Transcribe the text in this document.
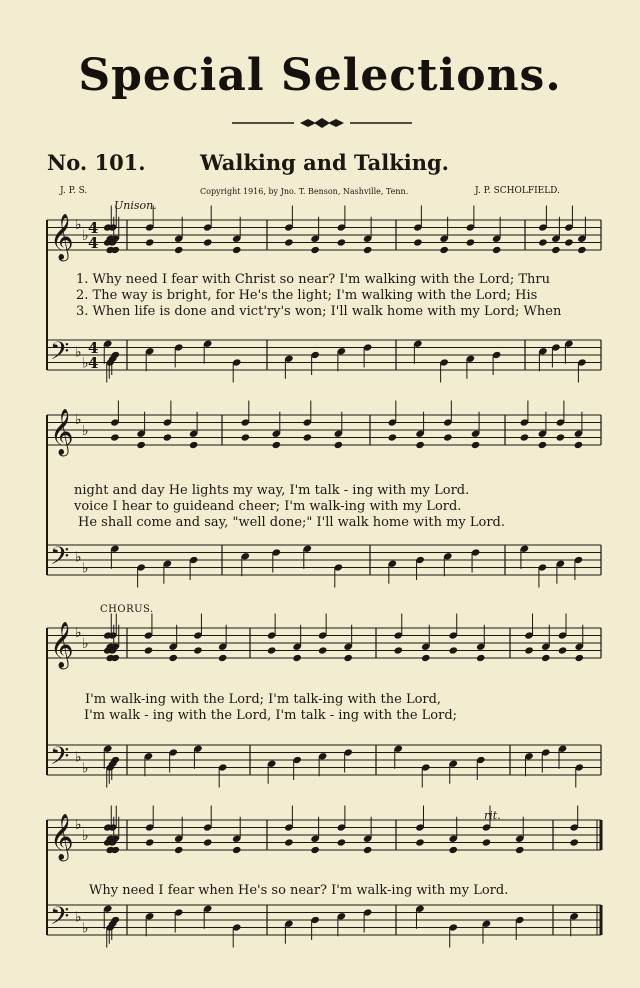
Special Selections.
No. 101.	Walking and Talking.
J. P. S.	Copyright 1916, by Jno. T. Benson, Nashville, Tenn.	J. P. SCHOLFIELD.
Unison.
CHORUS.
rit.
𝄞 ♭
♭
𝄢 ♭
♭
𝄞 ♭
♭
𝄢 ♭
♭
𝄞 ♭
♭
𝄢 ♭
♭
𝄞 ♭
♭
𝄢 ♭
♭
4
4
4
4
1. Why need I fear with Christ so near? I'm walking with the Lord; Thru
2. The way is bright, for He's the light; I'm walking with the Lord; His
3. When life is done and vict'ry's won; I'll walk home with my Lord; When
night and day He lights my way, I'm talk - ing with my Lord.
voice I hear to guideand cheer; I'm walk-ing with my Lord.
He shall come and say, "well done;" I'll walk home with my Lord.
I'm walk-ing with the Lord; I'm talk-ing with the Lord,
I'm walk - ing with the Lord, I'm talk - ing with the Lord;
Why need I fear when He's so near? I'm walk-ing with my Lord.
